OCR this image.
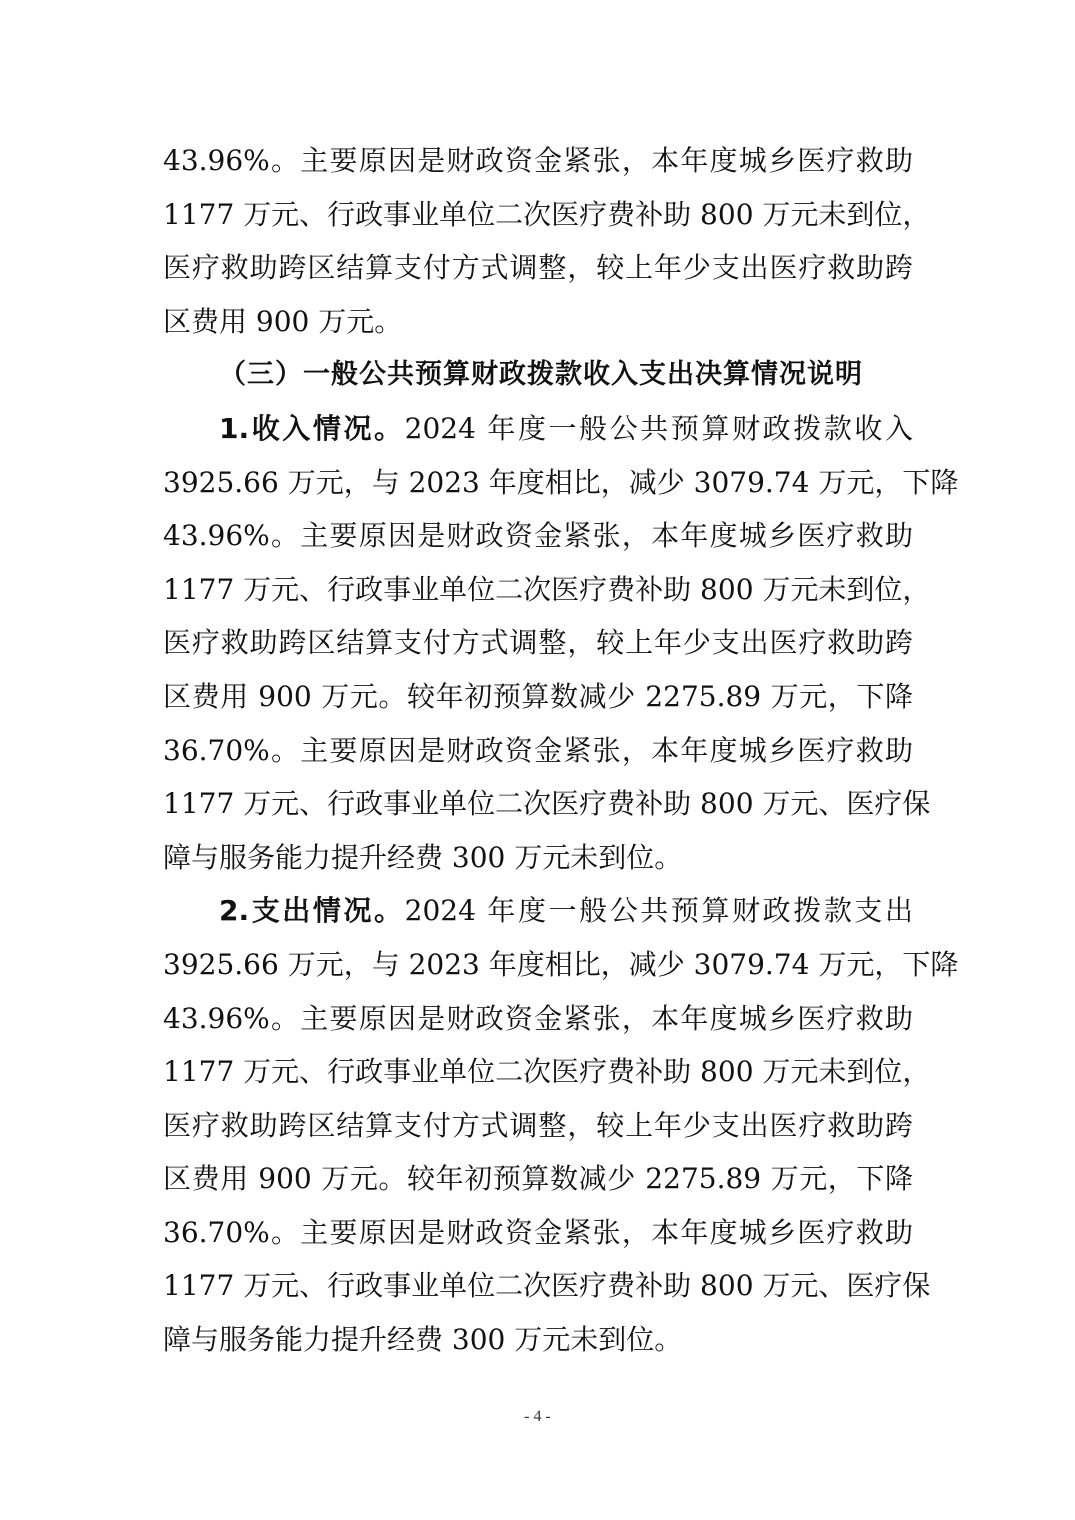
43.96%。主要原因是财政资金紧张，本年度城乡医疗救助
1177 万元、行政事业单位二次医疗费补助 800 万元未到位，
医疗救助跨区结算支付方式调整，较上年少支出医疗救助跨
区费用 900 万元。
（三）一般公共预算财政拨款收入支出决算情况说明
1.收入情况。2024 年度一般公共预算财政拨款收入
3925.66 万元，与 2023 年度相比，减少 3079.74 万元，下降
43.96%。主要原因是财政资金紧张，本年度城乡医疗救助
1177 万元、行政事业单位二次医疗费补助 800 万元未到位，
医疗救助跨区结算支付方式调整，较上年少支出医疗救助跨
区费用 900 万元。较年初预算数减少 2275.89 万元，下降
36.70%。主要原因是财政资金紧张，本年度城乡医疗救助
1177 万元、行政事业单位二次医疗费补助 800 万元、医疗保
障与服务能力提升经费 300 万元未到位。
2.支出情况。2024 年度一般公共预算财政拨款支出
3925.66 万元，与 2023 年度相比，减少 3079.74 万元，下降
43.96%。主要原因是财政资金紧张，本年度城乡医疗救助
1177 万元、行政事业单位二次医疗费补助 800 万元未到位，
医疗救助跨区结算支付方式调整，较上年少支出医疗救助跨
区费用 900 万元。较年初预算数减少 2275.89 万元，下降
36.70%。主要原因是财政资金紧张，本年度城乡医疗救助
1177 万元、行政事业单位二次医疗费补助 800 万元、医疗保
障与服务能力提升经费 300 万元未到位。
- 4 -
